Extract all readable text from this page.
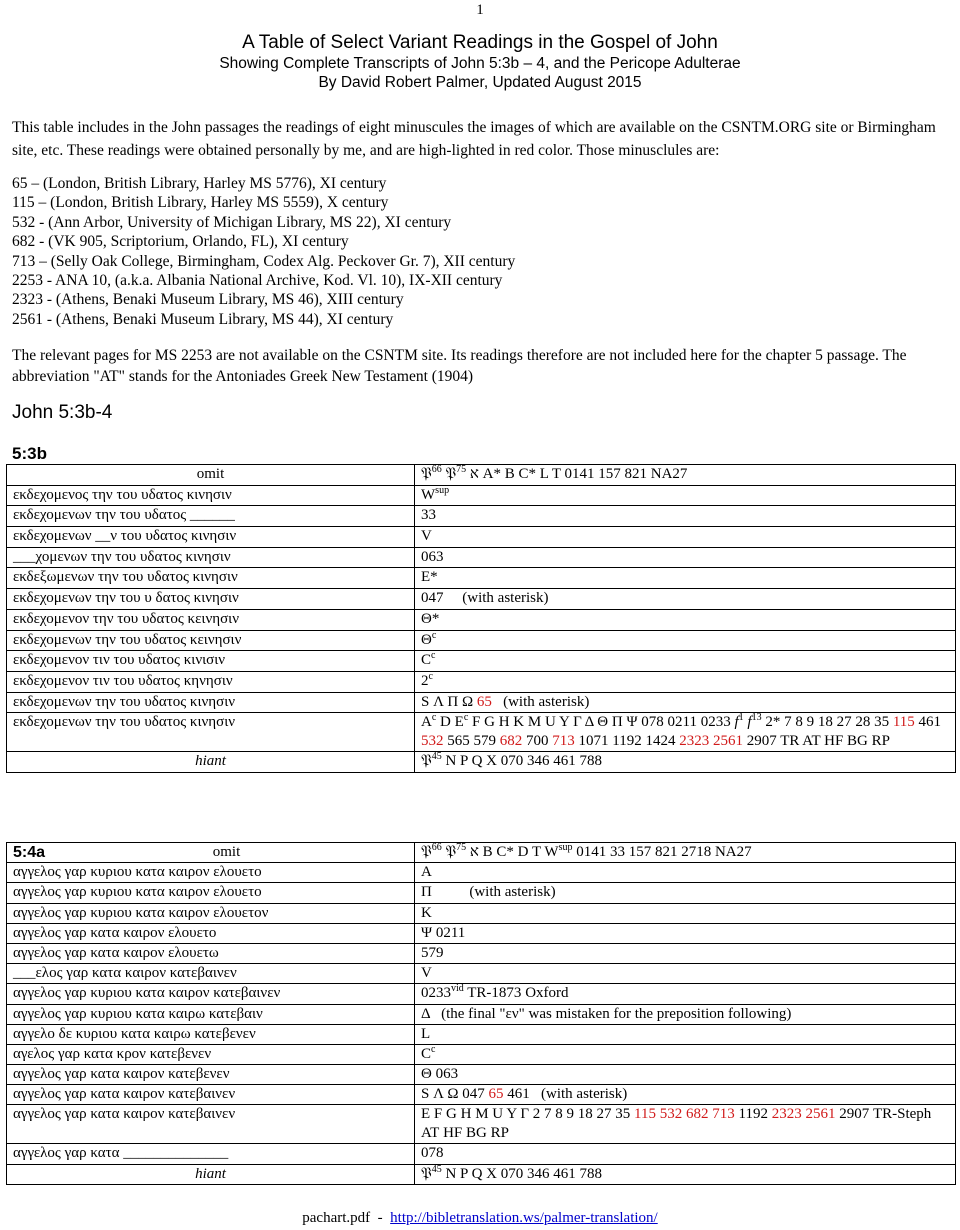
1
A Table of Select Variant Readings in the Gospel of John
Showing Complete Transcripts of John 5:3b – 4, and the Pericope Adulterae
By David Robert Palmer, Updated August 2015
This table includes in the John passages the readings of eight minuscules the images of which are available on the CSNTM.ORG site or Birmingham site, etc. These readings were obtained personally by me, and are high-lighted in red color. Those minusclules are:
65 – (London, British Library, Harley MS 5776), XI century
115 – (London, British Library, Harley MS 5559), X century
532 - (Ann Arbor, University of Michigan Library, MS 22), XI century
682 - (VK 905, Scriptorium, Orlando, FL), XI century
713 – (Selly Oak College, Birmingham, Codex Alg. Peckover Gr. 7), XII century
2253 - ANA 10, (a.k.a. Albania National Archive, Kod. Vl. 10), IX-XII century
2323 - (Athens, Benaki Museum Library, MS 46), XIII century
2561 - (Athens, Benaki Museum Library, MS 44), XI century
The relevant pages for MS 2253 are not available on the CSNTM site. Its readings therefore are not included here for the chapter 5 passage. The abbreviation "AT" stands for the Antoniades Greek New Testament (1904)
John 5:3b-4
5:3b
omit	𝔓$^{66}$ 𝔓$^{75}$ א A* B C* L T 0141 157 821 NA27
εκδεχομενος την του υδατος κινησιν	$W^{sup}$
εκδεχομενων την του υδατος ______	33
εκδεχομενων __ν του υδατος κινησιν	V
___χομενων την του υδατος κινησιν	063
εκδεξωμενων την του υδατος κινησιν	E*
εκδεχομενων την του υ δατος κινησιν	047 (with asterisk)
εκδεχομενον την του υδατος κεινησιν	Θ*
εκδεχομενων την του υδατος κεινησιν	$\Theta^c$
εκδεχομενον τιν του υδατος κινισιν	$C^c$
εκδεχομενον τιν του υδατος κηνησιν	2$^c$
εκδεχομενων την του υδατος κινησιν	S Λ Π Ω 65 (with asterisk)
εκδεχομενων την του υδατος κινησιν	$A^c$ D $E^c$ F G H K M U Y Γ Δ Θ Π Ψ 078 0211 0233 $f^1$ $f^{13}$ 2* 7 8 9 18 27 28 35 115 461 532 565 579 682 700 713 1071 1192 1424 2323 2561 2907 TR AT HF BG RP
hiant	𝔓$^{45}$ N P Q X 070 346 461 788
5:4a omit	𝔓$^{66}$ 𝔓$^{75}$ א B C* D T $W^{sup}$ 0141 33 157 821 2718 NA27
αγγελος γαρ κυριου κατα καιρον ελουετο	A
αγγελος γαρ κυριου κατα καιρον ελουετο	Π (with asterisk)
αγγελος γαρ κυριου κατα καιρον ελουετον	K
αγγελος γαρ κατα καιρον ελουετο	Ψ 0211
αγγελος γαρ κατα καιρον ελουετω	579
___ελος γαρ κατα καιρον κατεβαινεν	V
αγγελος γαρ κυριου κατα καιρον κατεβαινεν	$0233^{vid}$ TR-1873 Oxford
αγγελος γαρ κυριου κατα καιρω κατεβαιν	Δ (the final "εν" was mistaken for the preposition following)
αγγελο δε κυριου κατα καιρω κατεβενεν	L
αγελος γαρ κατα κρον κατεβενεν	$C^c$
αγγελος γαρ κατα καιρον κατεβενεν	Θ 063
αγγελος γαρ κατα καιρον κατεβαινεν	S Λ Ω 047 65 461 (with asterisk)
αγγελος γαρ κατα καιρον κατεβαινεν	E F G H M U Y Γ 2 7 8 9 18 27 35 115 532 682 713 1192 2323 2561 2907 TR-Steph AT HF BG RP
αγγελος γαρ κατα ______________	078
hiant	𝔓$^{45}$ N P Q X 070 346 461 788
pachart.pdf  -  http://bibletranslation.ws/palmer-translation/
